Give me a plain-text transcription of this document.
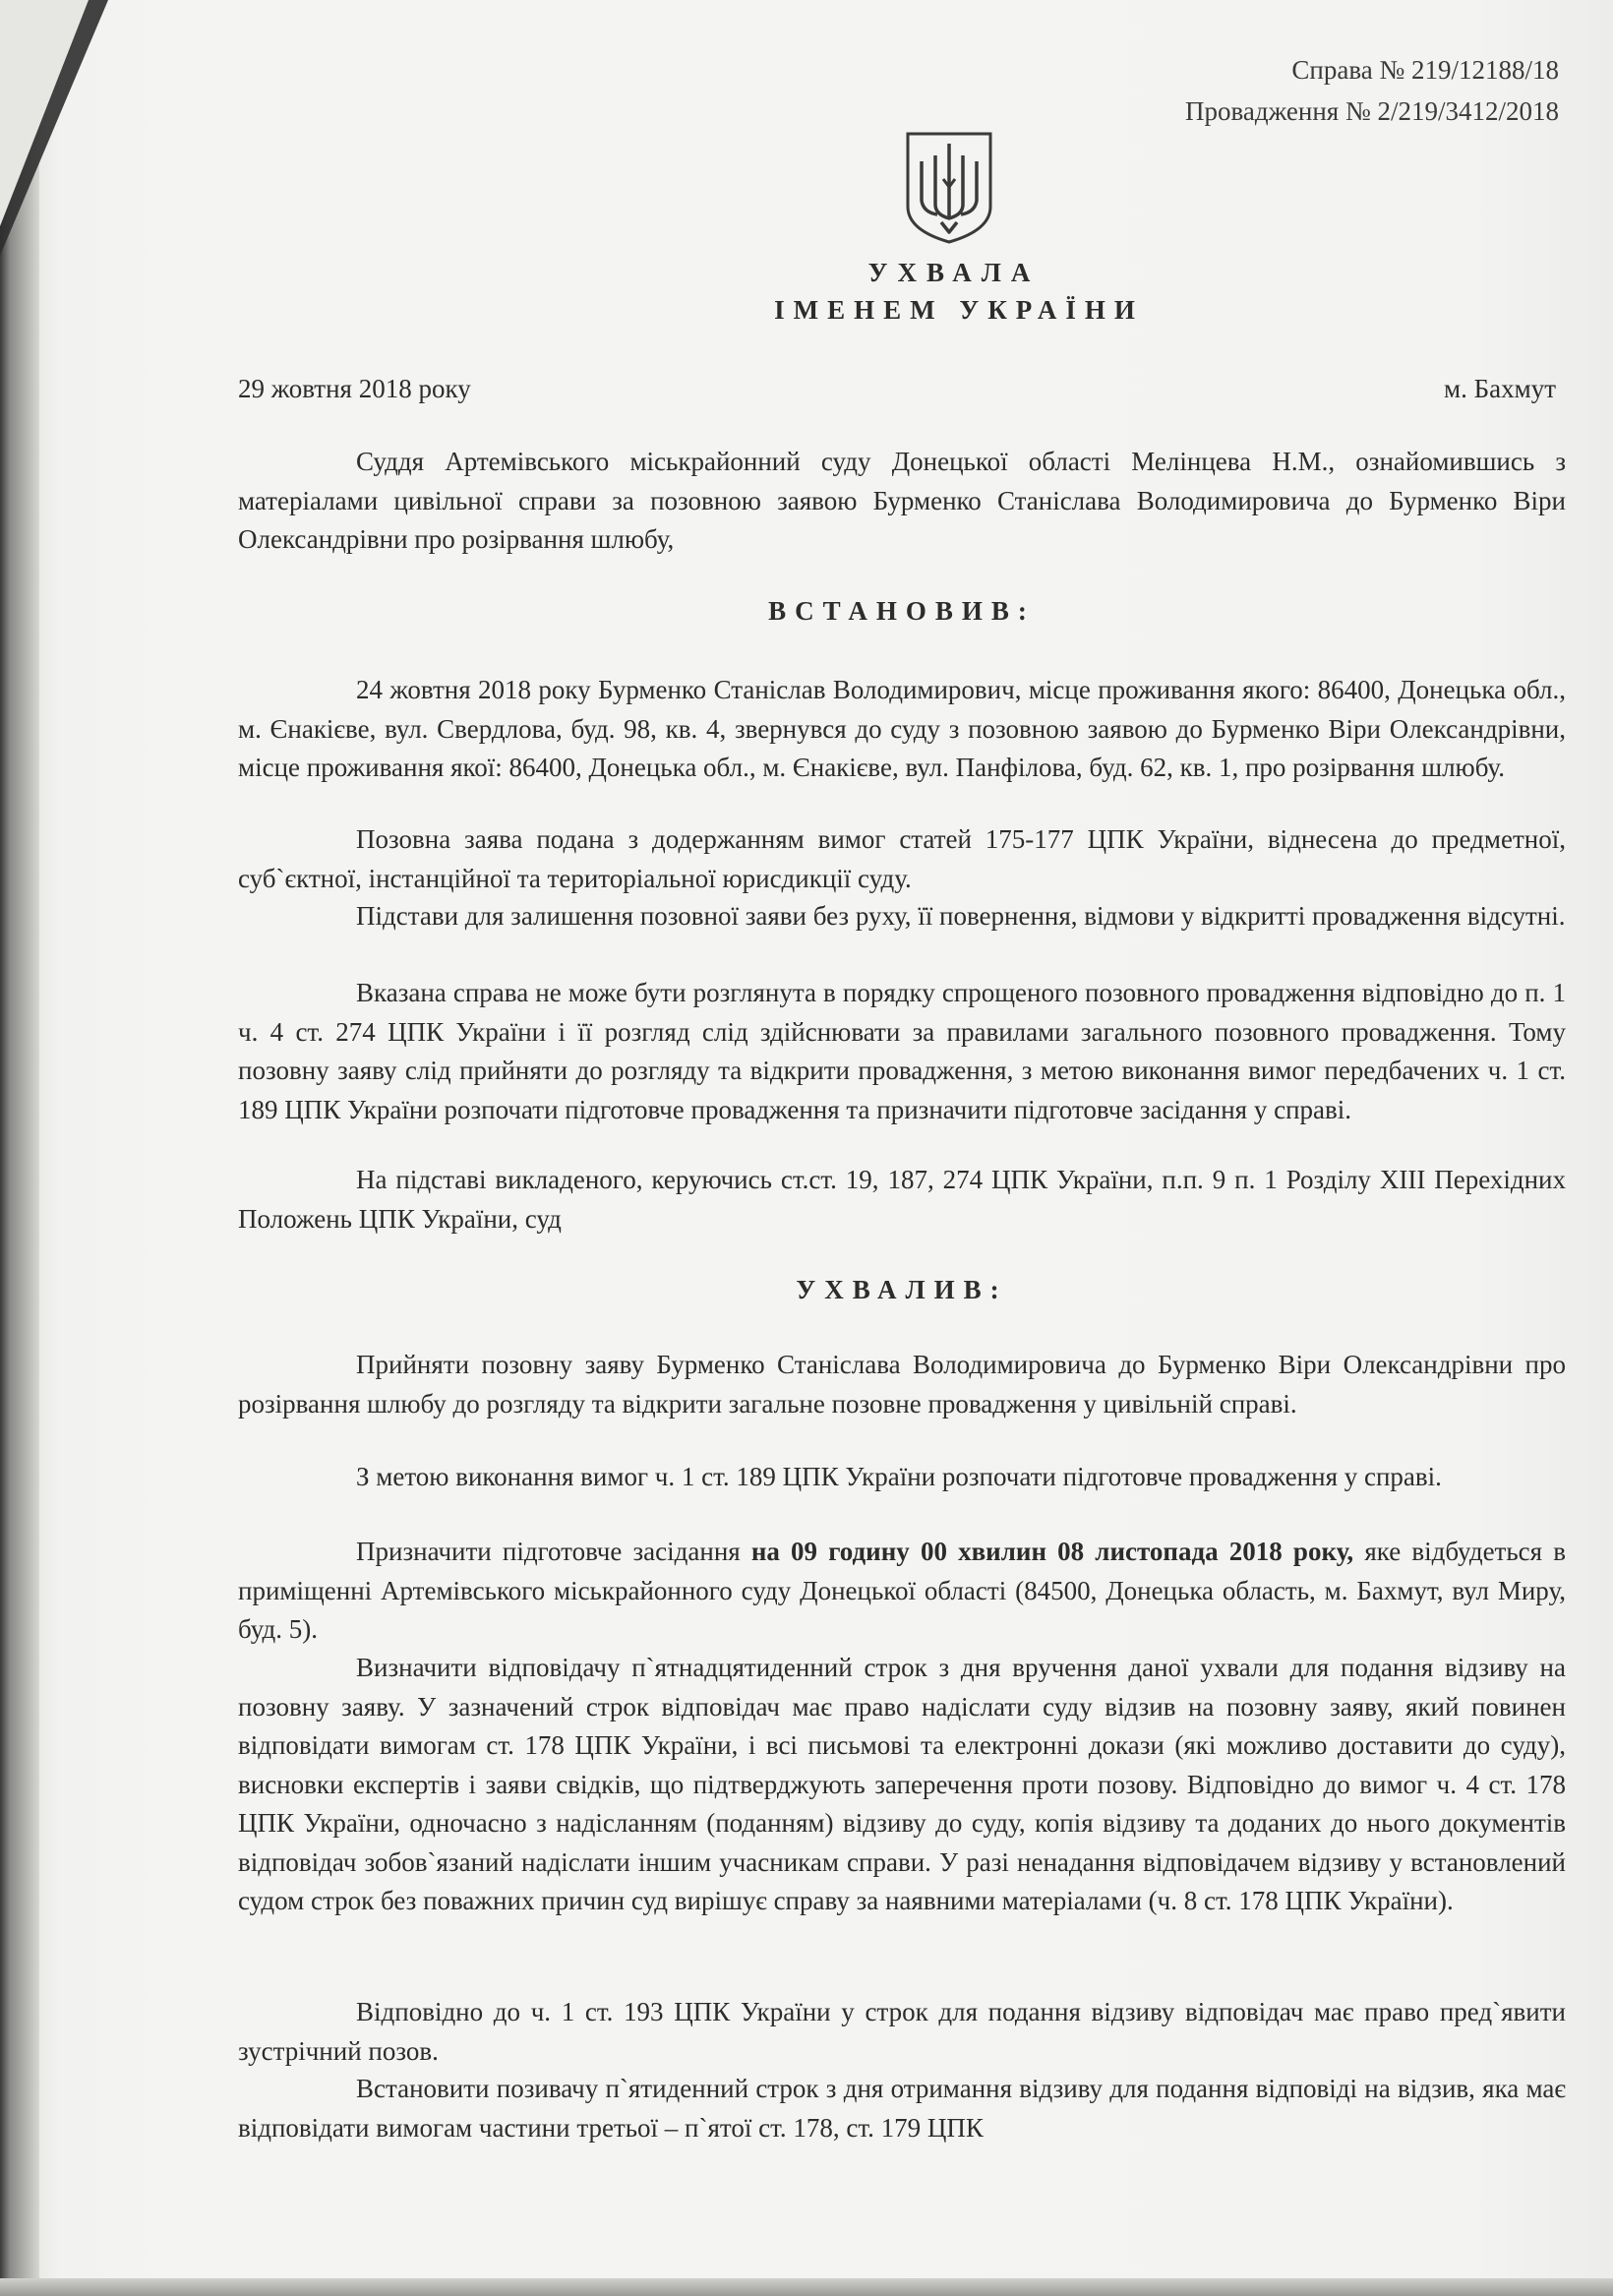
Справа № 219/12188/18
Провадження № 2/219/3412/2018
УХВАЛА
ІМЕНЕМ УКРАЇНИ
29 жовтня 2018 року	м. Бахмут
Суддя Артемівського міськрайонний суду Донецької області Мелінцева Н.М., ознайомившись з матеріалами цивільної справи за позовною заявою Бурменко Станіслава Володимировича до Бурменко Віри Олександрівни про розірвання шлюбу,
ВСТАНОВИВ:
24 жовтня 2018 року Бурменко Станіслав Володимирович, місце проживання якого: 86400, Донецька обл., м. Єнакієве, вул. Свердлова, буд. 98, кв. 4, звернувся до суду з позовною заявою до Бурменко Віри Олександрівни, місце проживання якої: 86400, Донецька обл., м. Єнакієве, вул. Панфілова, буд. 62, кв. 1, про розірвання шлюбу.
Позовна заява подана з додержанням вимог статей 175-177 ЦПК України, віднесена до предметної, суб`єктної, інстанційної та територіальної юрисдикції суду.
Підстави для залишення позовної заяви без руху, її повернення, відмови у відкритті провадження відсутні.
Вказана справа не може бути розглянута в порядку спрощеного позовного провадження відповідно до п. 1 ч. 4 ст. 274 ЦПК України і її розгляд слід здійснювати за правилами загального позовного провадження. Тому позовну заяву слід прийняти до розгляду та відкрити провадження, з метою виконання вимог передбачених ч. 1 ст. 189 ЦПК України розпочати підготовче провадження та призначити підготовче засідання у справі.
На підставі викладеного, керуючись ст.ст. 19, 187, 274 ЦПК України, п.п. 9 п. 1 Розділу XIII Перехідних Положень ЦПК України, суд
УХВАЛИВ:
Прийняти позовну заяву Бурменко Станіслава Володимировича до Бурменко Віри Олександрівни про розірвання шлюбу до розгляду та відкрити загальне позовне провадження у цивільній справі.
З метою виконання вимог ч. 1 ст. 189 ЦПК України розпочати підготовче провадження у справі.
Призначити підготовче засідання на 09 годину 00 хвилин 08 листопада 2018 року, яке відбудеться в приміщенні Артемівського міськрайонного суду Донецької області (84500, Донецька область, м. Бахмут, вул Миру, буд. 5).
Визначити відповідачу п`ятнадцятиденний строк з дня вручення даної ухвали для подання відзиву на позовну заяву. У зазначений строк відповідач має право надіслати суду відзив на позовну заяву, який повинен відповідати вимогам ст. 178 ЦПК України, і всі письмові та електронні докази (які можливо доставити до суду), висновки експертів і заяви свідків, що підтверджують заперечення проти позову. Відповідно до вимог ч. 4 ст. 178 ЦПК України, одночасно з надісланням (поданням) відзиву до суду, копія відзиву та доданих до нього документів відповідач зобов`язаний надіслати іншим учасникам справи. У разі ненадання відповідачем відзиву у встановлений судом строк без поважних причин суд вирішує справу за наявними матеріалами (ч. 8 ст. 178 ЦПК України).
Відповідно до ч. 1 ст. 193 ЦПК України у строк для подання відзиву відповідач має право пред`явити зустрічний позов.
Встановити позивачу п`ятиденний строк з дня отримання відзиву для подання відповіді на відзив, яка має відповідати вимогам частини третьої – п`ятої ст. 178, ст. 179 ЦПК
